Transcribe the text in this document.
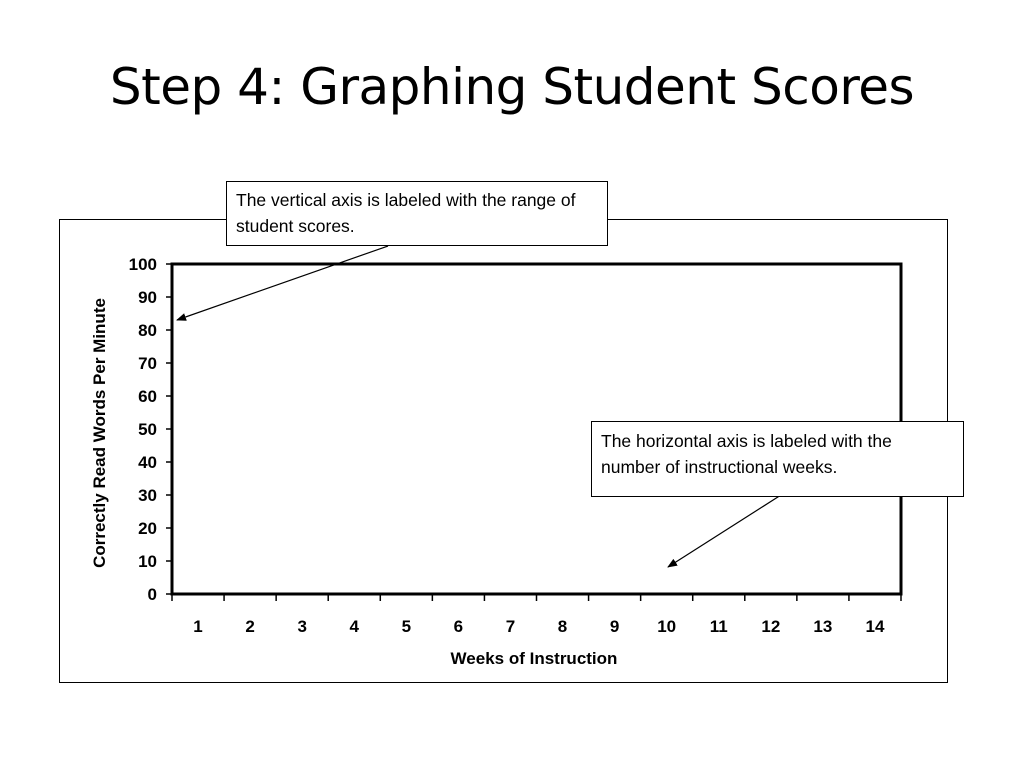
Step 4: Graphing Student Scores
0
10
20
30
40
50
60
70
80
90
100
1	2	3	4	5	6	7	8	9 10 11 12 13 14
Weeks of Instruction
Correctly Read Words Per Minute
The vertical axis is labeled with the range of student scores.
The horizontal axis is labeled with the number of instructional weeks.
